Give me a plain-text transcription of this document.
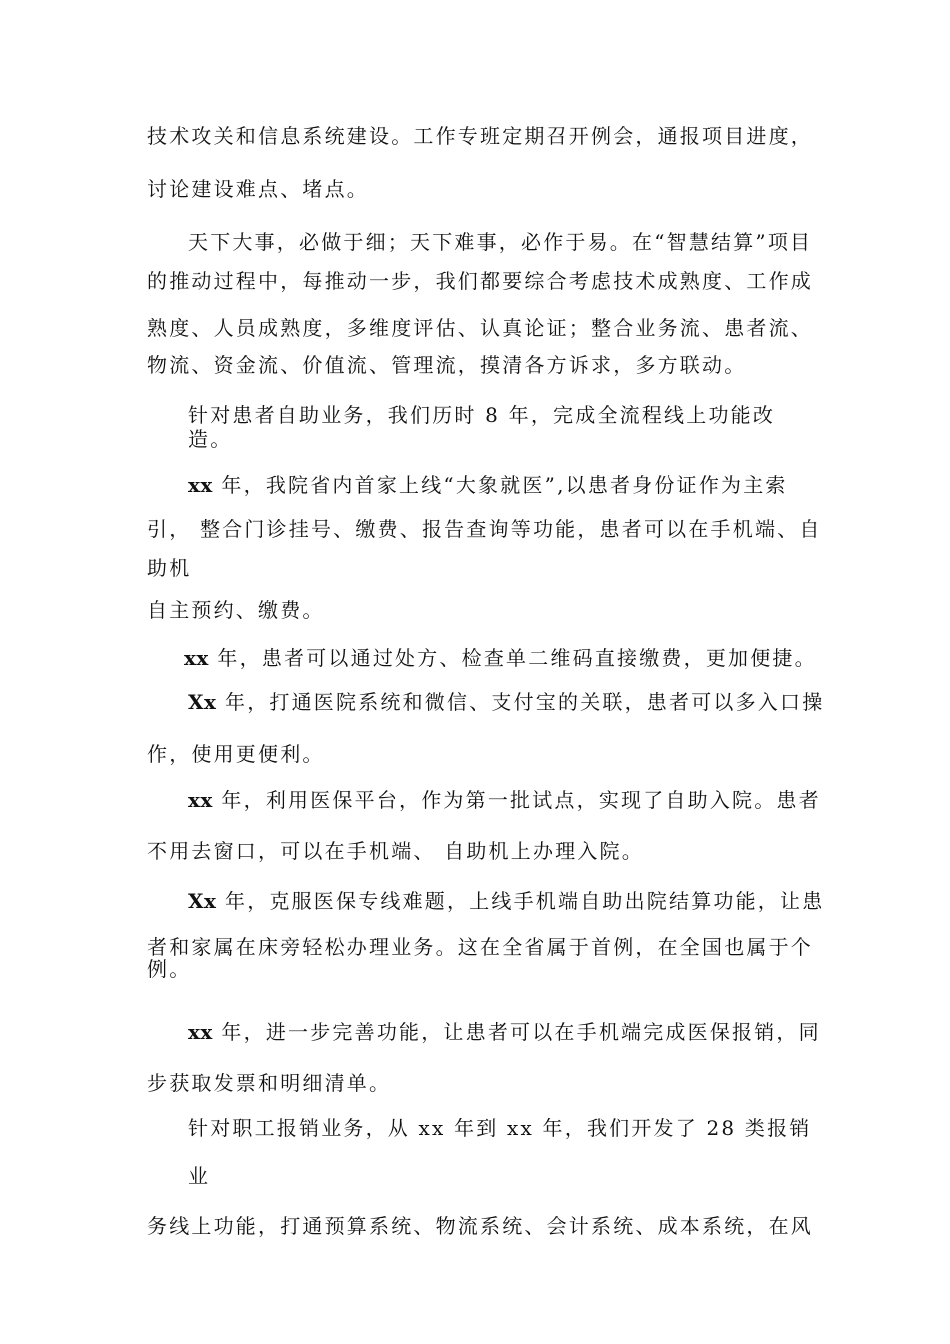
技术攻关和信息系统建设。工作专班定期召开例会，通报项目进度，
讨论建设难点、堵点。
天下大事，必做于细；天下难事，必作于易。在“智慧结算”项目
的推动过程中，每推动一步，我们都要综合考虑技术成熟度、工作成
熟度、人员成熟度，多维度评估、认真论证；整合业务流、患者流、
物流、资金流、价值流、管理流，摸清各方诉求，多方联动。
针对患者自助业务，我们历时 8 年，完成全流程线上功能改
造。
xx 年，我院省内首家上线“大象就医”,以患者身份证作为主索
引， 整合门诊挂号、缴费、报告查询等功能，患者可以在手机端、自
助机
自主预约、缴费。
xx 年，患者可以通过处方、检查单二维码直接缴费，更加便捷。
Xx 年，打通医院系统和微信、支付宝的关联，患者可以多入口操
作，使用更便利。
xx 年，利用医保平台，作为第一批试点，实现了自助入院。患者
不用去窗口，可以在手机端、 自助机上办理入院。
Xx 年，克服医保专线难题，上线手机端自助出院结算功能，让患
者和家属在床旁轻松办理业务。这在全省属于首例，在全国也属于个
例。
xx 年，进一步完善功能，让患者可以在手机端完成医保报销，同
步获取发票和明细清单。
针对职工报销业务，从 xx 年到 xx 年，我们开发了 28 类报销
业
务线上功能，打通预算系统、物流系统、会计系统、成本系统，在风
